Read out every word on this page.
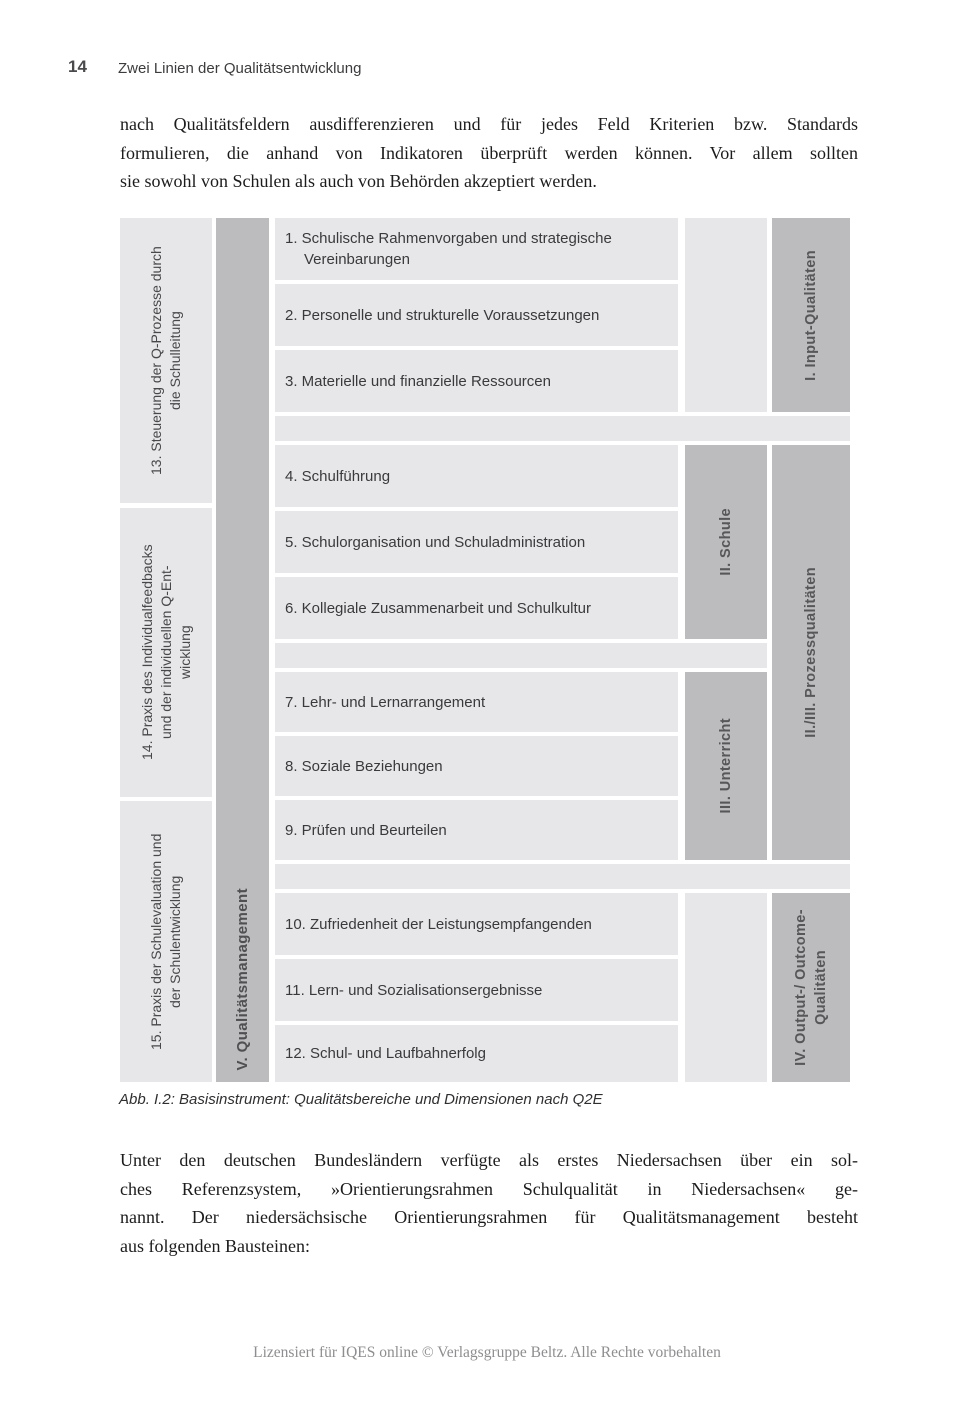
14 Zwei Linien der Qualitätsentwicklung
nach Qualitätsfeldern ausdifferenzieren und für jedes Feld Kriterien bzw. Standards
formulieren, die anhand von Indikatoren überprüft werden können. Vor allem sollten
sie sowohl von Schulen als auch von Behörden akzeptiert werden.
13. Steuerung der Q-Prozesse durch die Schulleitung
14. Praxis des Individualfeedbacks und der individuellen Q-Ent- wicklung
15. Praxis der Schulevaluation und der Schulentwicklung	V. Qualitätsmanagement
1. Schulische Rahmenvorgaben und strategische Vereinbarungen
2. Personelle und strukturelle Voraussetzungen
3. Materielle und finanzielle Ressourcen
4. Schulführung
5. Schulorganisation und Schuladministration
6. Kollegiale Zusammenarbeit und Schulkultur
7. Lehr- und Lernarrangement
8. Soziale Beziehungen
9. Prüfen und Beurteilen
10. Zufriedenheit der Leistungsempfangenden
11. Lern- und Sozialisationsergebnisse
12. Schul- und Laufbahnerfolg
II. Schule
III. Unterricht
I. Input-Qualitäten
II./III. Prozessqualitäten
IV. Output-/ Outcome- Qualitäten
Abb. I.2: Basisinstrument: Qualitätsbereiche und Dimensionen nach Q2E
Unter den deutschen Bundesländern verfügte als erstes Niedersachsen über ein sol-
ches Referenzsystem, »Orientierungsrahmen Schulqualität in Niedersachsen« ge-
nannt. Der niedersächsische Orientierungsrahmen für Qualitätsmanagement besteht
aus folgenden Bausteinen:
Lizensiert für IQES online © Verlagsgruppe Beltz. Alle Rechte vorbehalten
